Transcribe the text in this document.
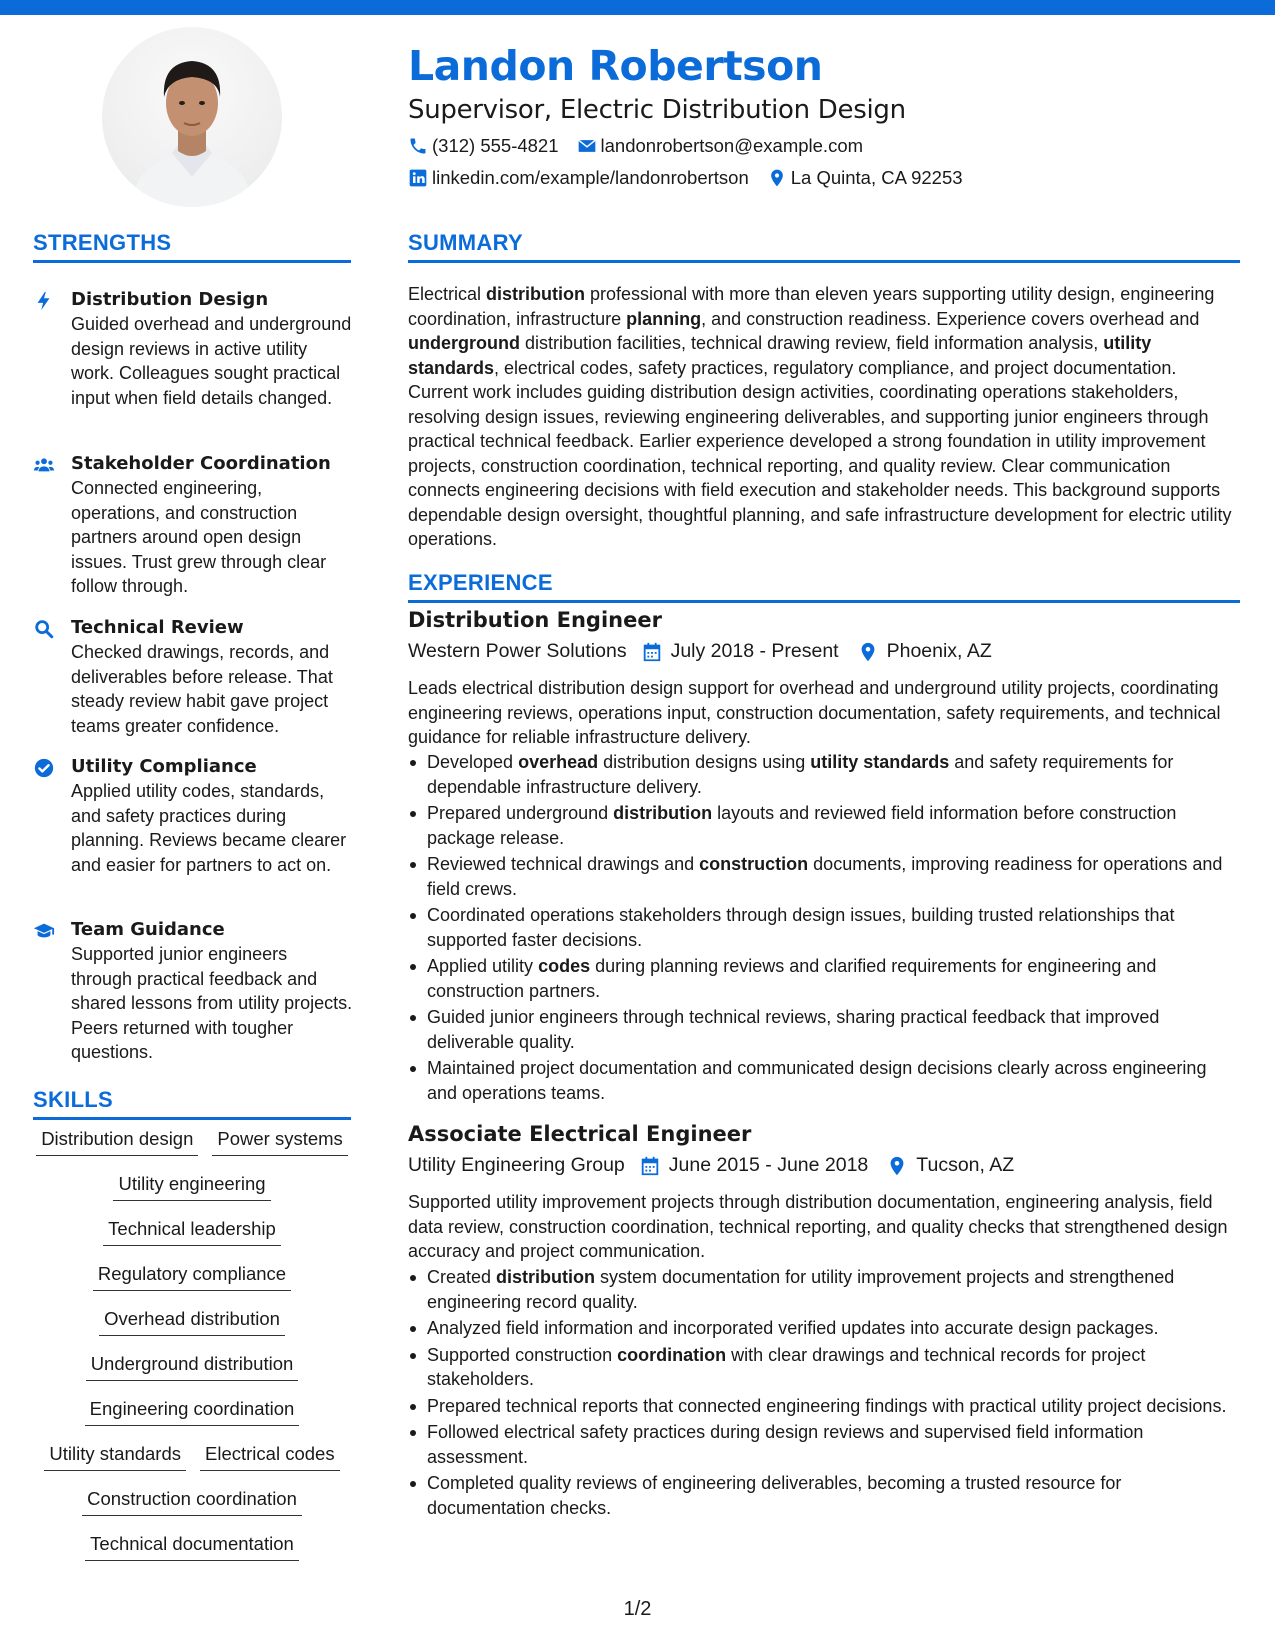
Landon Robertson
Supervisor, Electric Distribution Design
(312) 555-4821 landonrobertson@example.com
linkedin.com/example/landonrobertson La Quinta, CA 92253
STRENGTHS
Distribution Design
Guided overhead and underground design reviews in active utility work. Colleagues sought practical input when field details changed.
Stakeholder Coordination
Connected engineering, operations, and construction partners around open design issues. Trust grew through clear follow through.
Technical Review
Checked drawings, records, and deliverables before release. That steady review habit gave project teams greater confidence.
Utility Compliance
Applied utility codes, standards, and safety practices during planning. Reviews became clearer and easier for partners to act on.
Team Guidance
Supported junior engineers through practical feedback and shared lessons from utility projects. Peers returned with tougher questions.
SKILLS
Distribution design Power systems
Utility engineering
Technical leadership
Regulatory compliance
Overhead distribution
Underground distribution
Engineering coordination
Utility standards Electrical codes
Construction coordination
Technical documentation
SUMMARY
Electrical distribution professional with more than eleven years supporting utility design, engineering coordination, infrastructure planning, and construction readiness. Experience covers overhead and underground distribution facilities, technical drawing review, field information analysis, utility standards, electrical codes, safety practices, regulatory compliance, and project documentation. Current work includes guiding distribution design activities, coordinating operations stakeholders, resolving design issues, reviewing engineering deliverables, and supporting junior engineers through practical technical feedback. Earlier experience developed a strong foundation in utility improvement projects, construction coordination, technical reporting, and quality review. Clear communication connects engineering decisions with field execution and stakeholder needs. This background supports dependable design oversight, thoughtful planning, and safe infrastructure development for electric utility operations.
EXPERIENCE
Distribution Engineer
Western Power Solutions July 2018 - Present Phoenix, AZ
Leads electrical distribution design support for overhead and underground utility projects, coordinating engineering reviews, operations input, construction documentation, safety requirements, and technical guidance for reliable infrastructure delivery.
Developed overhead distribution designs using utility standards and safety requirements for dependable infrastructure delivery.
Prepared underground distribution layouts and reviewed field information before construction package release.
Reviewed technical drawings and construction documents, improving readiness for operations and field crews.
Coordinated operations stakeholders through design issues, building trusted relationships that supported faster decisions.
Applied utility codes during planning reviews and clarified requirements for engineering and construction partners.
Guided junior engineers through technical reviews, sharing practical feedback that improved deliverable quality.
Maintained project documentation and communicated design decisions clearly across engineering and operations teams.
Associate Electrical Engineer
Utility Engineering Group June 2015 - June 2018 Tucson, AZ
Supported utility improvement projects through distribution documentation, engineering analysis, field data review, construction coordination, technical reporting, and quality checks that strengthened design accuracy and project communication.
Created distribution system documentation for utility improvement projects and strengthened engineering record quality.
Analyzed field information and incorporated verified updates into accurate design packages.
Supported construction coordination with clear drawings and technical records for project stakeholders.
Prepared technical reports that connected engineering findings with practical utility project decisions.
Followed electrical safety practices during design reviews and supervised field information assessment.
Completed quality reviews of engineering deliverables, becoming a trusted resource for documentation checks.
1/2
